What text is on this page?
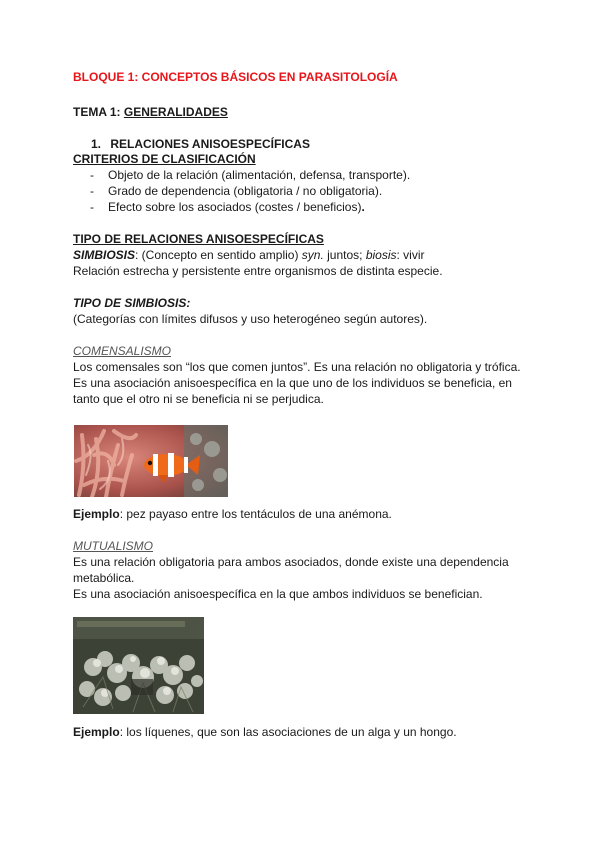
BLOQUE 1: CONCEPTOS BÁSICOS EN PARASITOLOGÍA
TEMA 1: GENERALIDADES
1. RELACIONES ANISOESPECÍFICAS
CRITERIOS DE CLASIFICACIÓN
- Objeto de la relación (alimentación, defensa, transporte).
- Grado de dependencia (obligatoria / no obligatoria).
- Efecto sobre los asociados (costes / beneficios).
TIPO DE RELACIONES ANISOESPECÍFICAS
SIMBIOSIS: (Concepto en sentido amplio) syn. juntos; biosis: vivir
Relación estrecha y persistente entre organismos de distinta especie.
TIPO DE SIMBIOSIS:
(Categorías con límites difusos y uso heterogéneo según autores).
COMENSALISMO
Los comensales son “los que comen juntos”. Es una relación no obligatoria y trófica.
Es una asociación anisoespecífica en la que uno de los individuos se beneficia, en
tanto que el otro ni se beneficia ni se perjudica.
Ejemplo: pez payaso entre los tentáculos de una anémona.
MUTUALISMO
Es una relación obligatoria para ambos asociados, donde existe una dependencia
metabólica.
Es una asociación anisoespecífica en la que ambos individuos se benefician.
Ejemplo: los líquenes, que son las asociaciones de un alga y un hongo.
